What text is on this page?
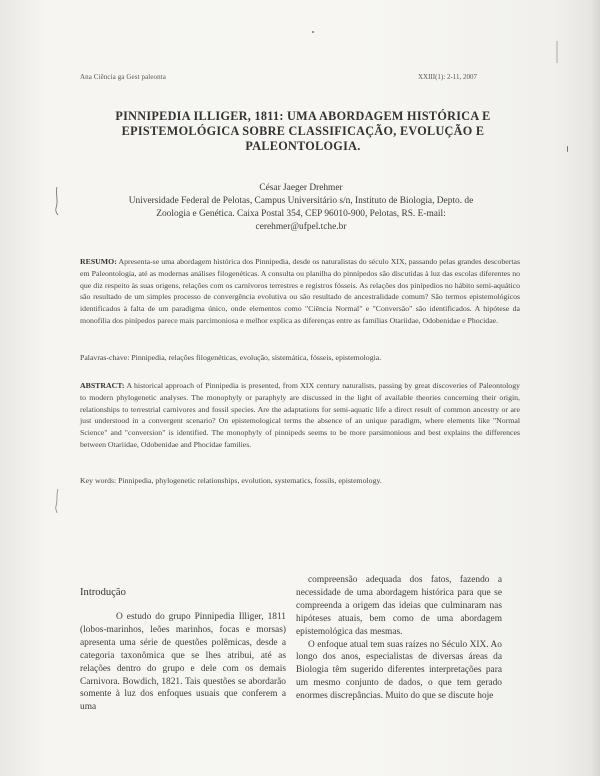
Ana Ciência ga Gest paleonta	XXIII(1): 2-11, 2007
PINNIPEDIA ILLIGER, 1811: UMA ABORDAGEM HISTÓRICA E EPISTEMOLÓGICA SOBRE CLASSIFICAÇÃO, EVOLUÇÃO E PALEONTOLOGIA.
César Jaeger Drehmer
Universidade Federal de Pelotas, Campus Universitário s/n, Instituto de Biologia, Depto. de
Zoologia e Genética. Caixa Postal 354, CEP 96010-900, Pelotas, RS. E-mail:
cerehmer@ufpel.tche.br
RESUMO: Apresenta-se uma abordagem histórica dos Pinnipedia, desde os naturalistas do século XIX, passando pelas grandes descobertas em Paleontologia, até as modernas análises filogenéticas. A consulta ou planilha do pinnípedos são discutidas à luz das escolas diferentes no que diz respeito às suas origens, relações com os carnívoros terrestres e registros fósseis. As relações dos pinípedios no hábito semi-aquático são resultado de um simples processo de convergência evolutiva ou são resultado de ancestralidade comum? São termos epistemológicos identificados à falta de um paradigma único, onde elementos como "Ciência Normal" e "Conversão" são identificados. A hipótese da monofilia dos pinípedos parece mais parcimoniosa e melhor explica as diferenças entre as famílias Otariidae, Odobenidae e Phocidae.
Palavras-chave: Pinnipedia, relações filogenéticas, evolução, sistemática, fósseis, epistemologia.
ABSTRACT: A historical approach of Pinnipedia is presented, from XIX century naturalists, passing by great discoveries of Paleontology to modern phylogenetic analyses. The monophyly or paraphyly are discussed in the light of available theories concerning their origin, relationships to terrestrial carnivores and fossil species. Are the adaptations for semi-aquatic life a direct result of common ancestry or are just understood in a convergent scenario? On epistemological terms the absence of an unique paradigm, where elements like "Normal Science" and "conversion" is identified. The monophyly of pinnipeds seems to be more parsimonious and best explains the differences between Otariidae, Odobenidae and Phocidae families.
Key words: Pinnipedia, phylogenetic relationships, evolution, systematics, fossils, epistemology.
Introdução

O estudo do grupo Pinnipedia Illiger, 1811 (lobos-marinhos, leões marinhos, focas e morsas) apresenta uma série de questões polêmicas, desde a categoria taxonômica que se lhes atribui, até as relações dentro do grupo e dele com os demais Carnivora. Bowdich, 1821. Tais questões se abordarão somente à luz dos enfoques usuais que conferem a uma

compreensão adequada dos fatos, fazendo a necessidade de uma abordagem histórica para que se compreenda a origem das ideias que culminaram nas hipóteses atuais, bem como de uma abordagem epistemológica das mesmas.

O enfoque atual tem suas raízes no Século XIX. Ao longo dos anos, especialistas de diversas áreas da Biologia têm sugerido diferentes interpretações para um mesmo conjunto de dados, o que tem gerado enormes discrepâncias. Muito do que se discute hoje
